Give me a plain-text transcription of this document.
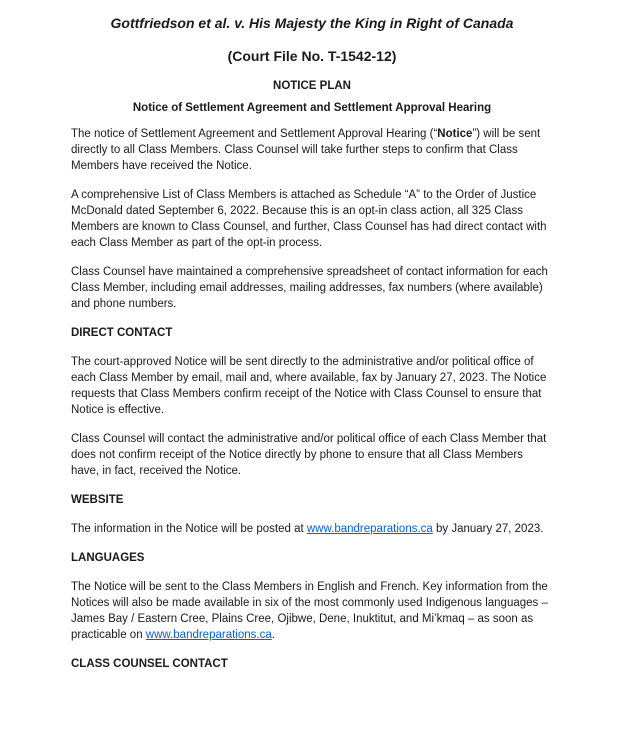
Gottfriedson et al. v. His Majesty the King in Right of Canada
(Court File No. T-1542-12)
NOTICE PLAN
Notice of Settlement Agreement and Settlement Approval Hearing

The notice of Settlement Agreement and Settlement Approval Hearing (“Notice”) will be sent directly to all Class Members. Class Counsel will take further steps to confirm that Class Members have received the Notice.

A comprehensive List of Class Members is attached as Schedule “A” to the Order of Justice McDonald dated September 6, 2022. Because this is an opt-in class action, all 325 Class Members are known to Class Counsel, and further, Class Counsel has had direct contact with each Class Member as part of the opt-in process.

Class Counsel have maintained a comprehensive spreadsheet of contact information for each Class Member, including email addresses, mailing addresses, fax numbers (where available) and phone numbers.

DIRECT CONTACT

The court-approved Notice will be sent directly to the administrative and/or political office of each Class Member by email, mail and, where available, fax by January 27, 2023. The Notice requests that Class Members confirm receipt of the Notice with Class Counsel to ensure that Notice is effective.

Class Counsel will contact the administrative and/or political office of each Class Member that does not confirm receipt of the Notice directly by phone to ensure that all Class Members have, in fact, received the Notice.

WEBSITE

The information in the Notice will be posted at www.bandreparations.ca by January 27, 2023.

LANGUAGES

The Notice will be sent to the Class Members in English and French. Key information from the Notices will also be made available in six of the most commonly used Indigenous languages – James Bay / Eastern Cree, Plains Cree, Ojibwe, Dene, Inuktitut, and Mi’kmaq – as soon as practicable on www.bandreparations.ca.

CLASS COUNSEL CONTACT
